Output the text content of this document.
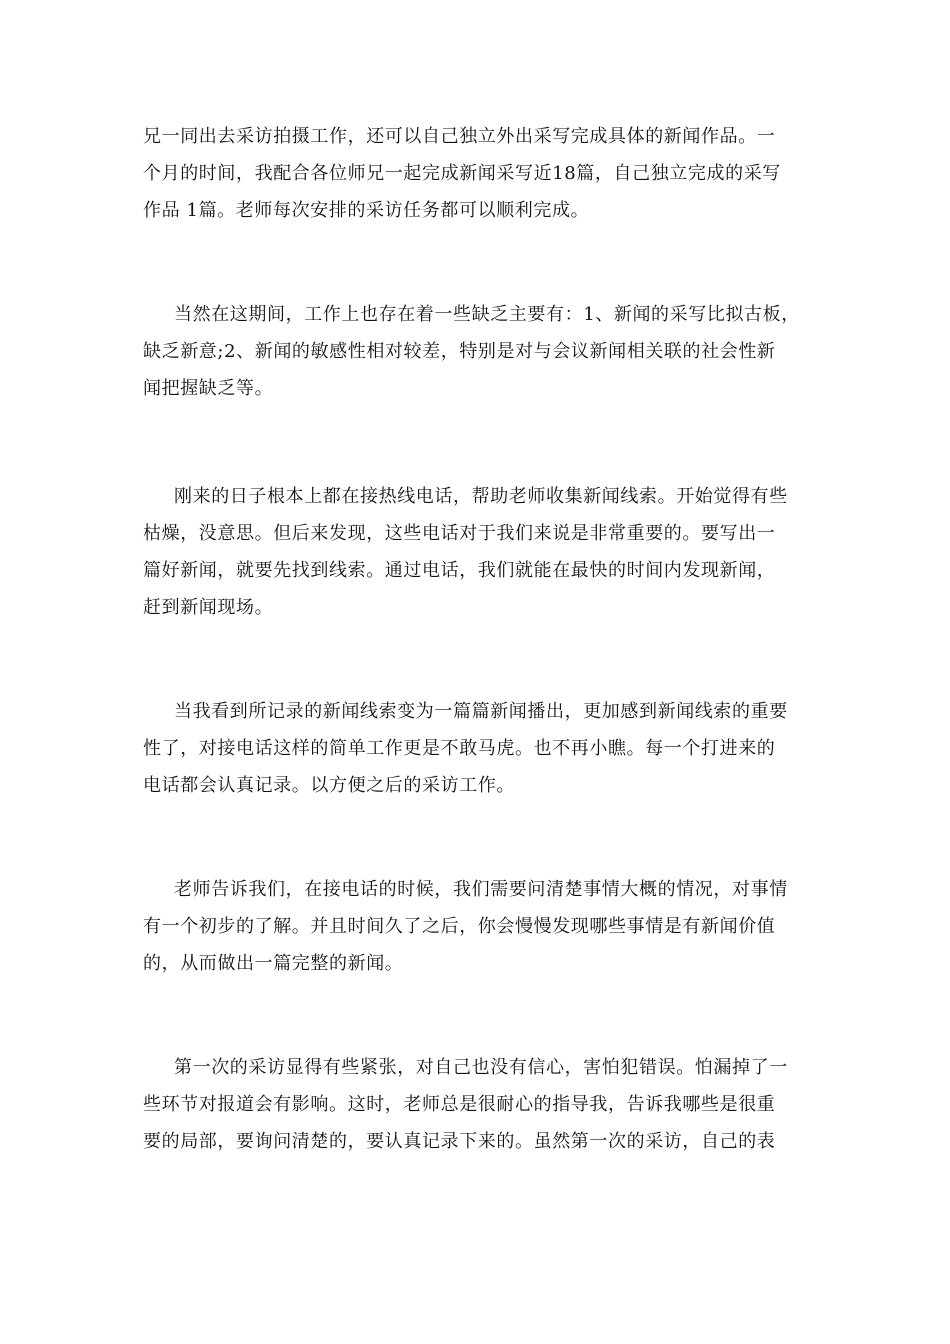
兄一同出去采访拍摄工作，还可以自己独立外出采写完成具体的新闻作品。一
个月的时间，我配合各位师兄一起完成新闻采写近18篇，自己独立完成的采写
作品 1篇。老师每次安排的采访任务都可以顺利完成。
当然在这期间，工作上也存在着一些缺乏主要有：1、新闻的采写比拟古板，
缺乏新意;2、新闻的敏感性相对较差，特别是对与会议新闻相关联的社会性新
闻把握缺乏等。
刚来的日子根本上都在接热线电话，帮助老师收集新闻线索。开始觉得有些
枯燥，没意思。但后来发现，这些电话对于我们来说是非常重要的。要写出一
篇好新闻，就要先找到线索。通过电话，我们就能在最快的时间内发现新闻，
赶到新闻现场。
当我看到所记录的新闻线索变为一篇篇新闻播出，更加感到新闻线索的重要
性了，对接电话这样的简单工作更是不敢马虎。也不再小瞧。每一个打进来的
电话都会认真记录。以方便之后的采访工作。
老师告诉我们，在接电话的时候，我们需要问清楚事情大概的情况，对事情
有一个初步的了解。并且时间久了之后，你会慢慢发现哪些事情是有新闻价值
的，从而做出一篇完整的新闻。
第一次的采访显得有些紧张，对自己也没有信心，害怕犯错误。怕漏掉了一
些环节对报道会有影响。这时，老师总是很耐心的指导我，告诉我哪些是很重
要的局部，要询问清楚的，要认真记录下来的。虽然第一次的采访，自己的表
